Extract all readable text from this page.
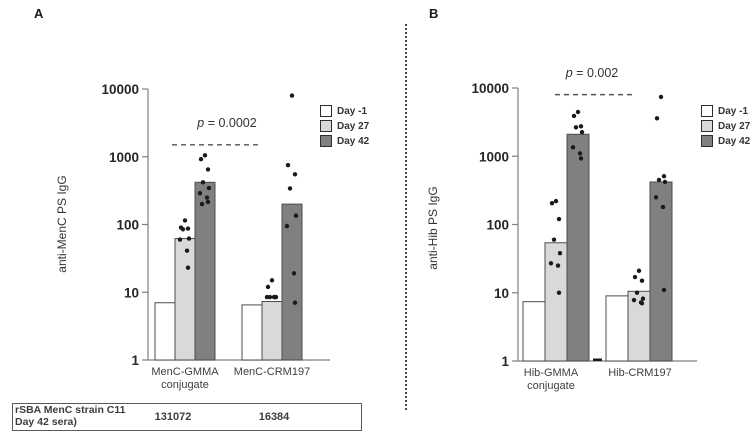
10000
1000
100
10
1
10000
1000
100
10
1
A	B
anti-MenC PS IgG	anti-Hib PS IgG
p = 0.0002
p = 0.002
MenC-GMMA
conjugate
MenC-CRM197	Hib-GMMA
conjugate
Hib-CRM197
Day -1
Day 27
Day 42
Day -1
Day 27
Day 42
rSBA MenC strain C11
Day 42 sera)	131072	16384
